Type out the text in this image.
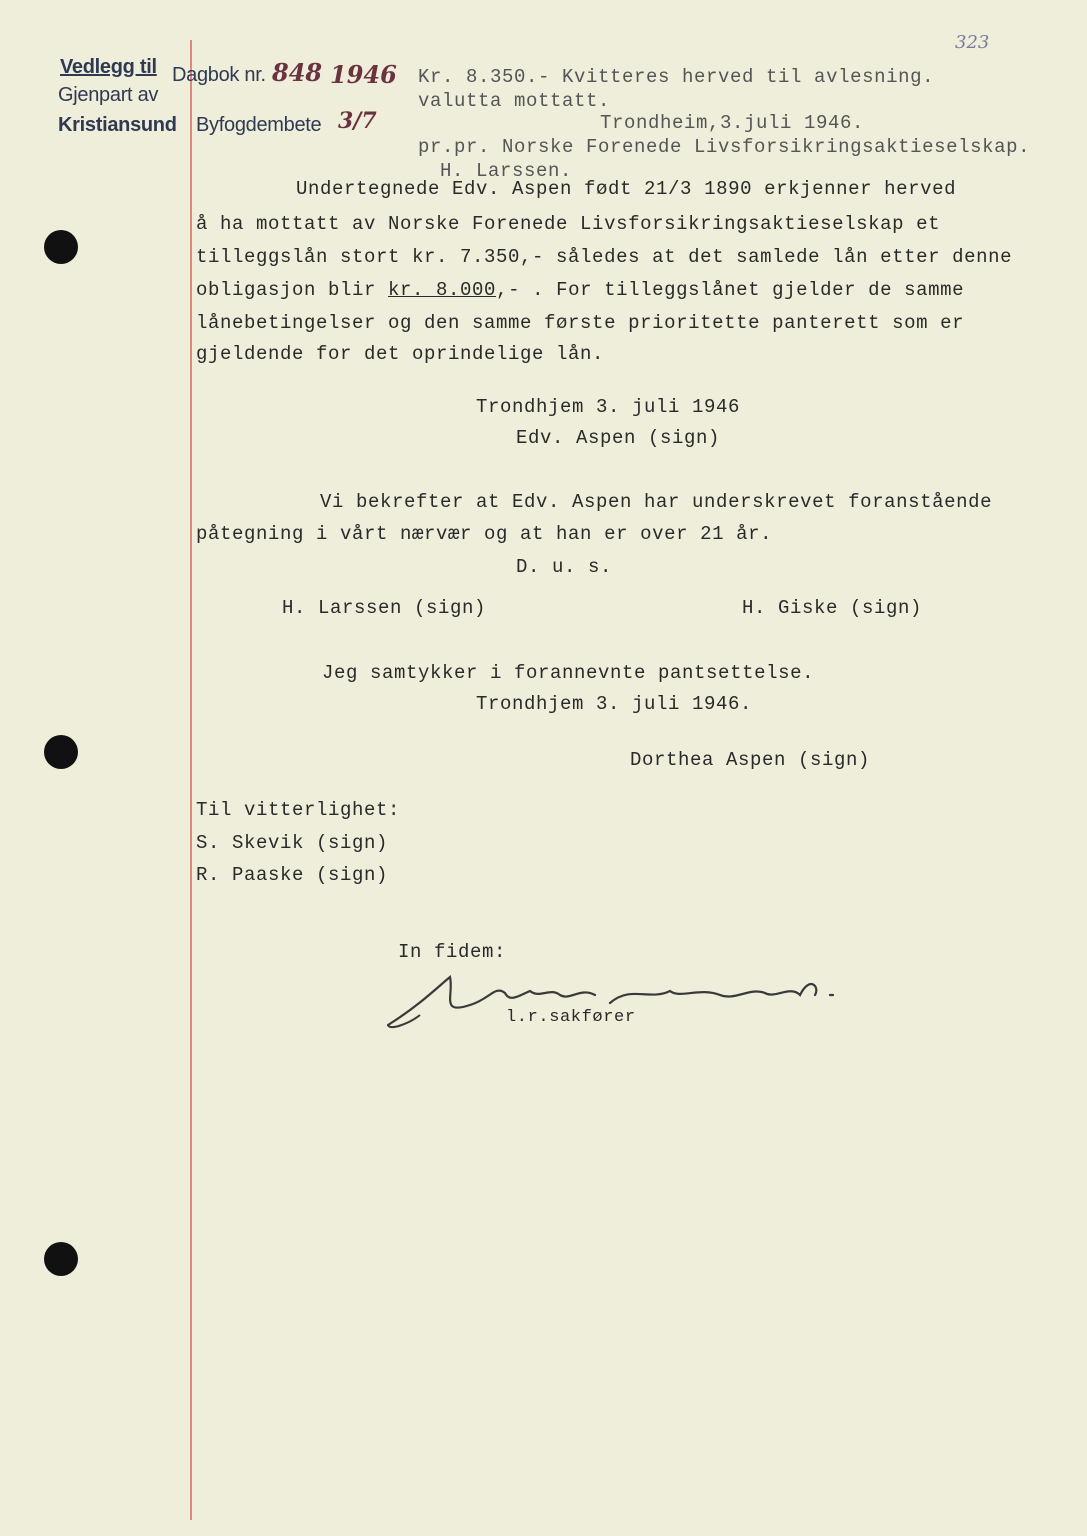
323
Vedlegg til
Gjenpart av
Kristiansund
Dagbok nr. 848 1946
Byfogdembete 3/7
Kr. 8.350.- Kvitteres herved til avlesning.
valutta mottatt.
Trondheim,3.juli 1946.
pr.pr. Norske Forenede Livsforsikringsaktieselskap.
H. Larssen.
Undertegnede Edv. Aspen født 21/3 1890 erkjenner herved
å ha mottatt av Norske Forenede Livsforsikringsaktieselskap et
tilleggslån stort kr. 7.350,- således at det samlede lån etter denne
obligasjon blir kr. 8.000,- . For tilleggslånet gjelder de samme
lånebetingelser og den samme første prioritette panterett som er
gjeldende for det oprindelige lån.
Trondhjem 3. juli 1946
Edv. Aspen (sign)
Vi bekrefter at Edv. Aspen har underskrevet foranstående
påtegning i vårt nærvær og at han er over 21 år.
D. u. s.
H. Larssen (sign)	H. Giske (sign)
Jeg samtykker i forannevnte pantsettelse.
Trondhjem 3. juli 1946.
Dorthea Aspen (sign)
Til vitterlighet:
S. Skevik (sign)
R. Paaske (sign)
In fidem:
l.r.sakfører
